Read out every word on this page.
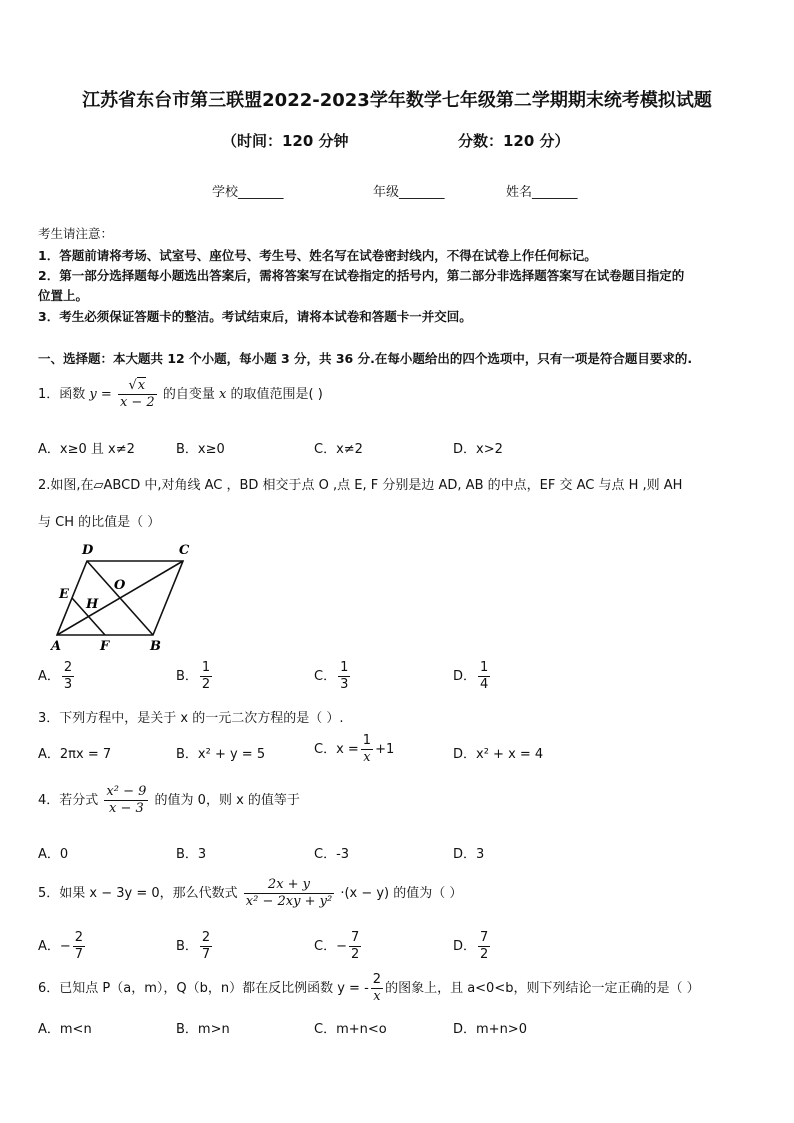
江苏省东台市第三联盟2022-2023学年数学七年级第二学期期末统考模拟试题
（时间：120 分钟	分数：120 分）
学校_______	年级_______	姓名_______
考生请注意：
1．答题前请将考场、试室号、座位号、考生号、姓名写在试卷密封线内，不得在试卷上作任何标记。
2．第一部分选择题每小题选出答案后，需将答案写在试卷指定的括号内，第二部分非选择题答案写在试卷题目指定的
位置上。
3．考生必须保证答题卡的整洁。考试结束后，请将本试卷和答题卡一并交回。
一、选择题：本大题共 12 个小题，每小题 3 分，共 36 分.在每小题给出的四个选项中，只有一项是符合题目要求的.
1．函数 $y = \frac{√x}{x - 2}$ 的自变量 x 的取值范围是( )
A．x≥0 且 x≠2	B．x≥0	C．x≠2	D．x>2
2.如图,在▱ABCD 中,对角线 AC ，BD 相交于点 O ,点 E, F 分别是边 AD, AB 的中点，EF 交 AC 与点 H ,则 AH
与 CH 的比值是（ ）
D	C
O
E
H
A	F	B
A． $\frac{2}{3}$	B． $\frac{1}{2}$	C． $\frac{1}{3}$	D． $\frac{1}{4}$
3．下列方程中，是关于 x 的一元二次方程的是（ ）.
A．2πx = 7	B．x² + y = 5	C．$x = \frac{1}{x} +1$	D．x² + x = 4
4．若分式 $\frac{\text{x² − 9}}{x - 3}$ 的值为 0，则 x 的值等于
A．0	B．3	C．-3	D．3
5．如果 x − 3y = 0，那么代数式 $\frac{2x + y}{\text{x² − 2xy + y²}} \cdot(x - y)$ 的值为（ ）
A．− $\frac{2}{7}$	B． $\frac{2}{7}$	C．− $\frac{7}{2}$	D． $\frac{7}{2}$
6．已知点 P（a，m），Q（b，n）都在反比例函数 y = - $\frac{2}{x}$ 的图象上，且 a<0<b，则下列结论一定正确的是（ ）
A．m<n	B．m>n	C．m+n<o	D．m+n>0
